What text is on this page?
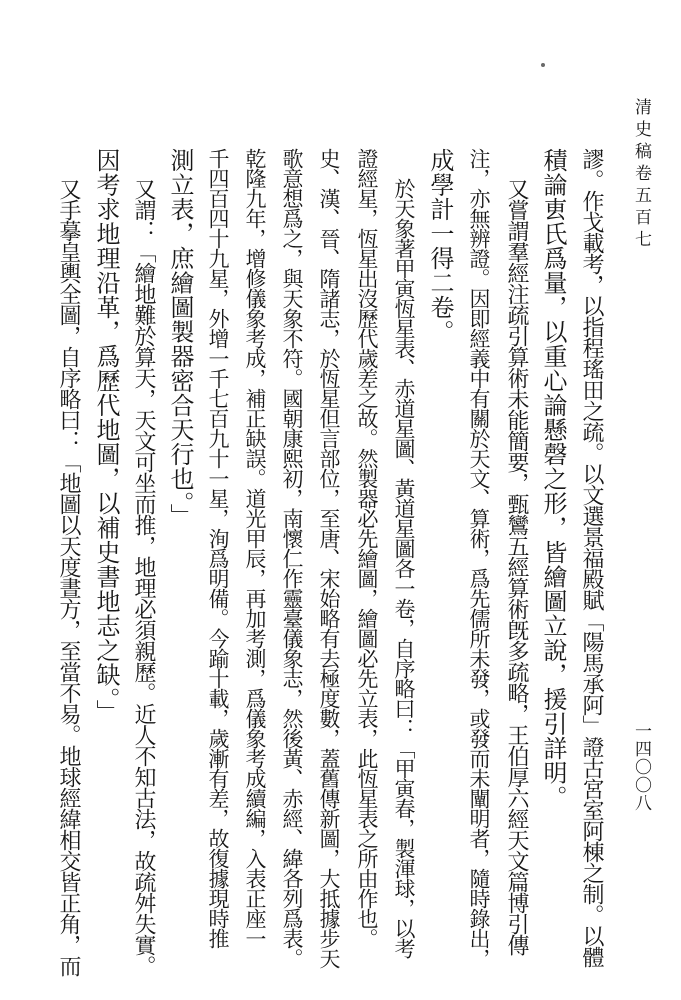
清史稿卷五百七
一四〇〇八
謬。作戈載考，以指程瑤田之疏。以文選景福殿賦「陽馬承阿」證古宮室阿棟之制。以體
積論叀氏爲量，以重心論懸磬之形，皆繪圖立說，援引詳明。
又嘗謂羣經注疏引算術未能簡要，甄鸞五經算術旣多疏略，王伯厚六經天文篇博引傳
注，亦無辨證。因即經義中有關於天文、算術，爲先儒所未發，或發而未闡明者，隨時錄出，
成學計一得二卷。
於天象著甲寅恆星表、赤道星圖、黃道星圖各一卷，自序略曰：「甲寅春，製渾球，以考
證經星，恆星出沒歷代歲差之故。然製器必先繪圖，繪圖必先立表，此恆星表之所由作也。
史、漢、晉、隋諸志，於恆星但言部位，至唐、宋始略有去極度數，蓋舊傳新圖，大抵據步天
歌意想爲之，與天象不符。國朝康熙初，南懷仁作靈臺儀象志，然後黃、赤經、緯各列爲表。
乾隆九年，增修儀象考成，補正缺誤。道光甲辰，再加考測，爲儀象考成續編，入表正座一
千四百四十九星，外增一千七百九十一星，洵爲明備。今踰十載，歲漸有差，故復據現時推
測立表，庶繪圖製器密合天行也。」
又謂：「繪地難於算天，天文可坐而推，地理必須親歷。近人不知古法，故疏舛失實。
因考求地理沿革，爲歷代地圖，以補史書地志之缺。」
又手摹皇輿全圖，自序略曰：「地圖以天度晝方，至當不易。地球經緯相交皆正角，而
